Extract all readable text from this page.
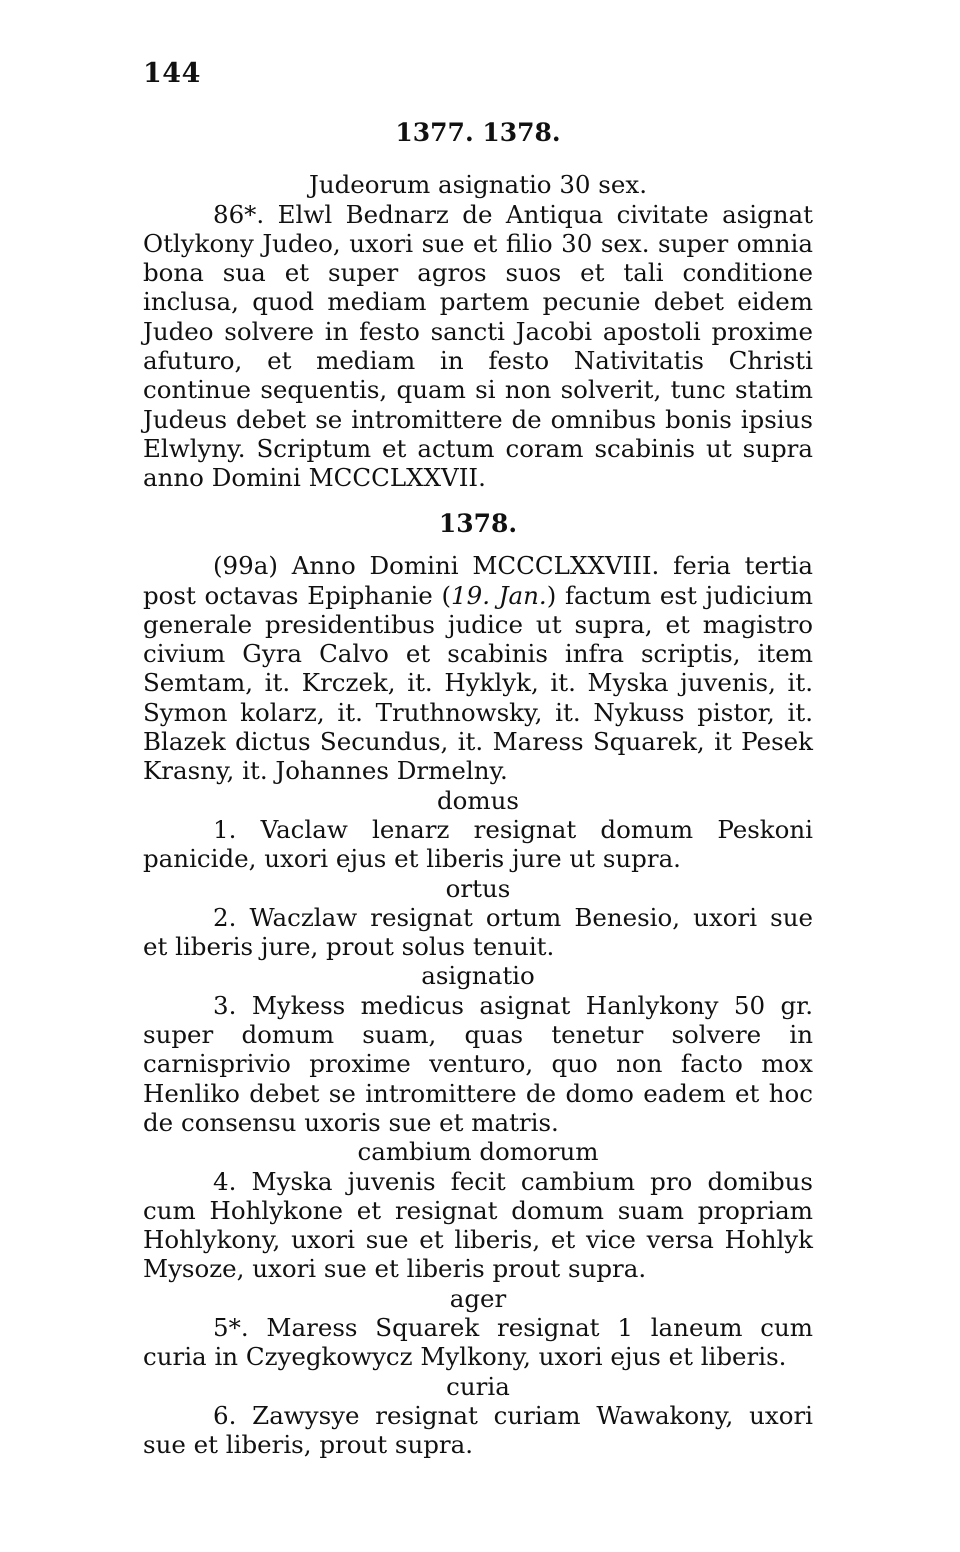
144
1377. 1378.
Judeorum asignatio 30 sex.
86*. Elwl Bednarz de Antiqua civitate asignat Otlykony Judeo, uxori sue et filio 30 sex. super omnia bona sua et super agros suos et tali conditione inclusa, quod mediam partem pecunie debet eidem Judeo solvere in festo sancti Jacobi apostoli proxime afuturo, et mediam in festo Nativitatis Christi continue sequentis, quam si non solverit, tunc statim Judeus debet se intromittere de omnibus bonis ipsius Elwlyny. Scriptum et actum coram scabinis ut supra anno Domini MCCCLXXVII.
1378.
(99a) Anno Domini MCCCLXXVIII. feria tertia post octavas Epiphanie (19. Jan.) factum est judicium generale presidentibus judice ut supra, et magistro civium Gyra Calvo et scabinis infra scriptis, item Semtam, it. Krczek, it. Hyklyk, it. Myska juvenis, it. Symon kolarz, it. Truthnowsky, it. Nykuss pistor, it. Blazek dictus Secundus, it. Maress Squarek, it Pesek Krasny, it. Johannes Drmelny.
domus
1. Vaclaw lenarz resignat domum Peskoni panicide, uxori ejus et liberis jure ut supra.
ortus
2. Waczlaw resignat ortum Benesio, uxori sue et liberis jure, prout solus tenuit.
asignatio
3. Mykess medicus asignat Hanlykony 50 gr. super domum suam, quas tenetur solvere in carnisprivio proxime venturo, quo non facto mox Henliko debet se intromittere de domo eadem et hoc de consensu uxoris sue et matris.
cambium domorum
4. Myska juvenis fecit cambium pro domibus cum Hohlykone et resignat domum suam propriam Hohlykony, uxori sue et liberis, et vice versa Hohlyk Mysoze, uxori sue et liberis prout supra.
ager
5*. Maress Squarek resignat 1 laneum cum curia in Czyegkowycz Mylkony, uxori ejus et liberis.
curia
6. Zawysye resignat curiam Wawakony, uxori sue et liberis, prout supra.
